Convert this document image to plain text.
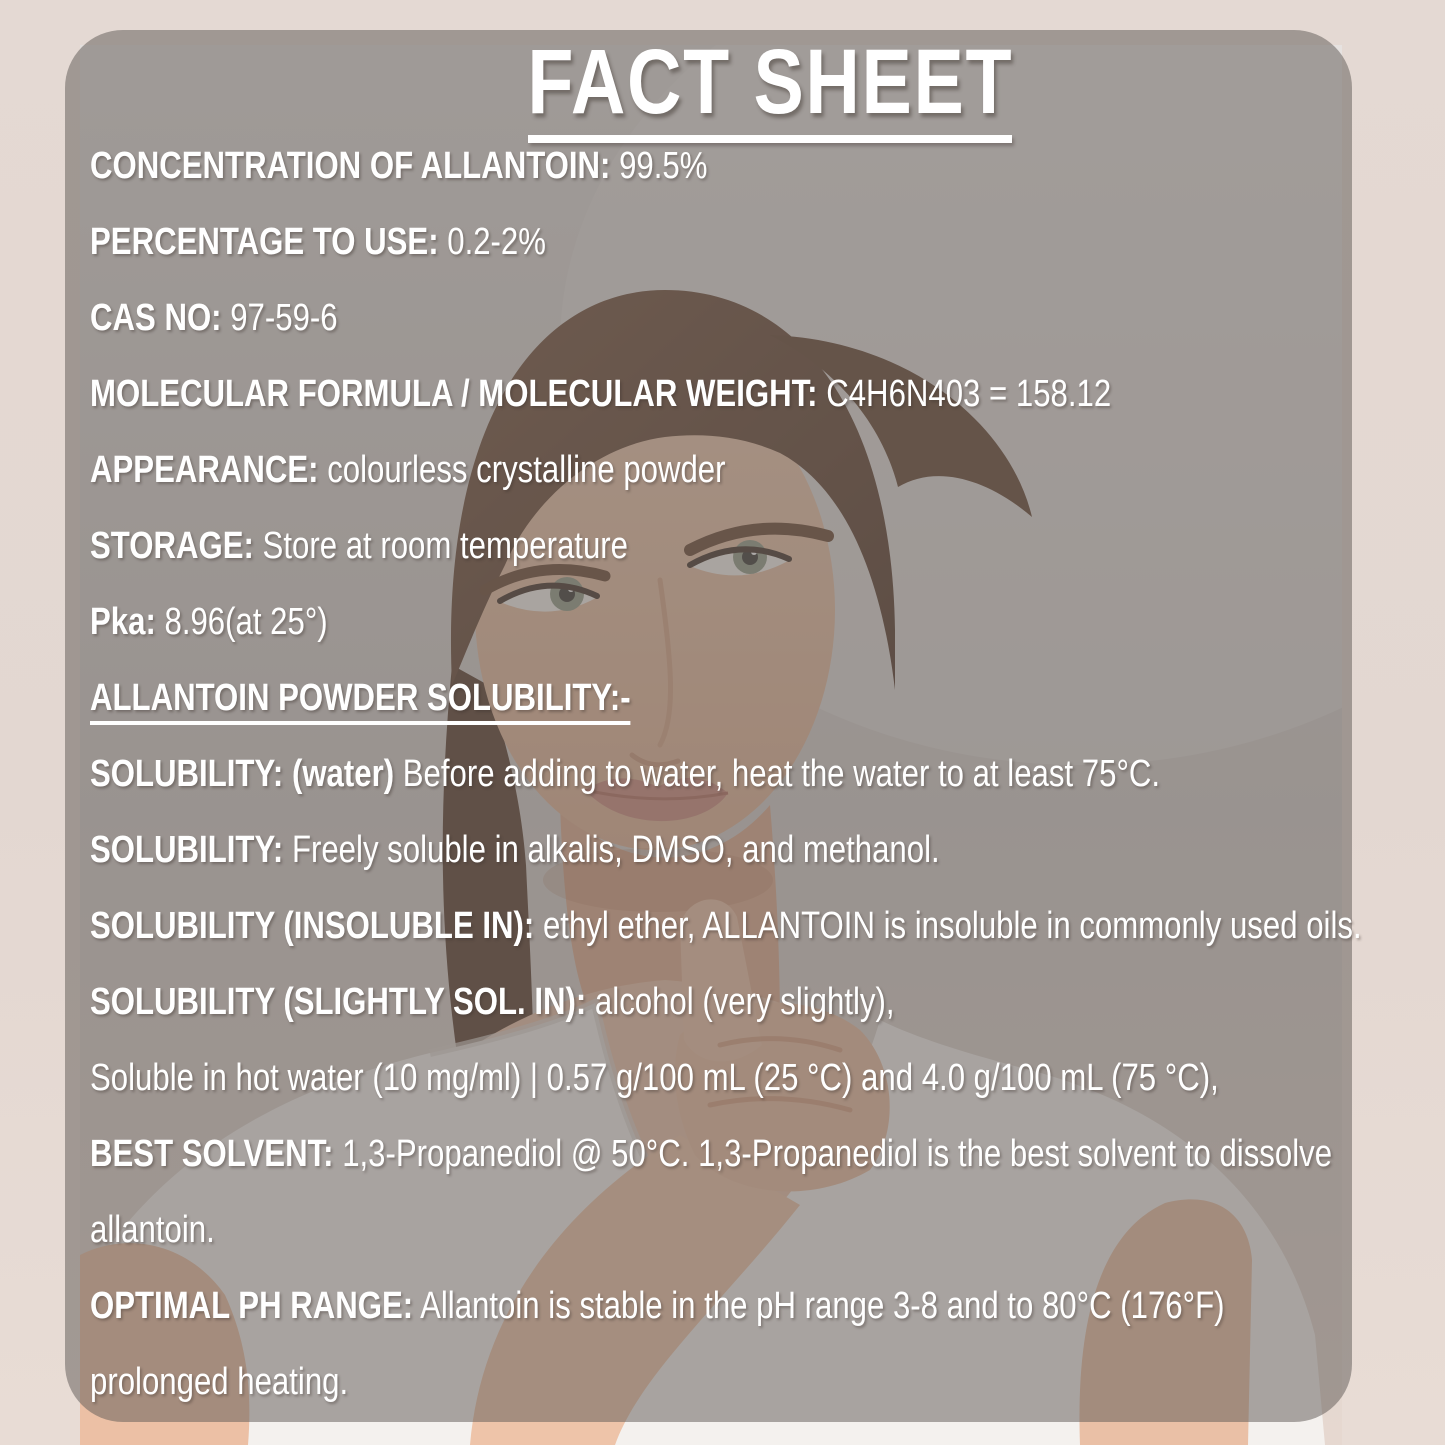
FACT SHEET

CONCENTRATION OF ALLANTOIN: 99.5%

PERCENTAGE TO USE: 0.2-2%

CAS NO: 97-59-6

MOLECULAR FORMULA / MOLECULAR WEIGHT: C4H6N403 = 158.12

APPEARANCE: colourless crystalline powder

STORAGE: Store at room temperature

Pka: 8.96(at 25°)

ALLANTOIN POWDER SOLUBILITY:-

SOLUBILITY: (water) Before adding to water, heat the water to at least 75°C.

SOLUBILITY: Freely soluble in alkalis, DMSO, and methanol.

SOLUBILITY (INSOLUBLE IN): ethyl ether, ALLANTOIN is insoluble in commonly used oils.

SOLUBILITY (SLIGHTLY SOL. IN): alcohol (very slightly),

Soluble in hot water (10 mg/ml) | 0.57 g/100 mL (25 °C) and 4.0 g/100 mL (75 °C),

BEST SOLVENT: 1,3-Propanediol @ 50°C. 1,3-Propanediol is the best solvent to dissolve

allantoin.

OPTIMAL PH RANGE: Allantoin is stable in the pH range 3-8 and to 80°C (176°F)

prolonged heating.
